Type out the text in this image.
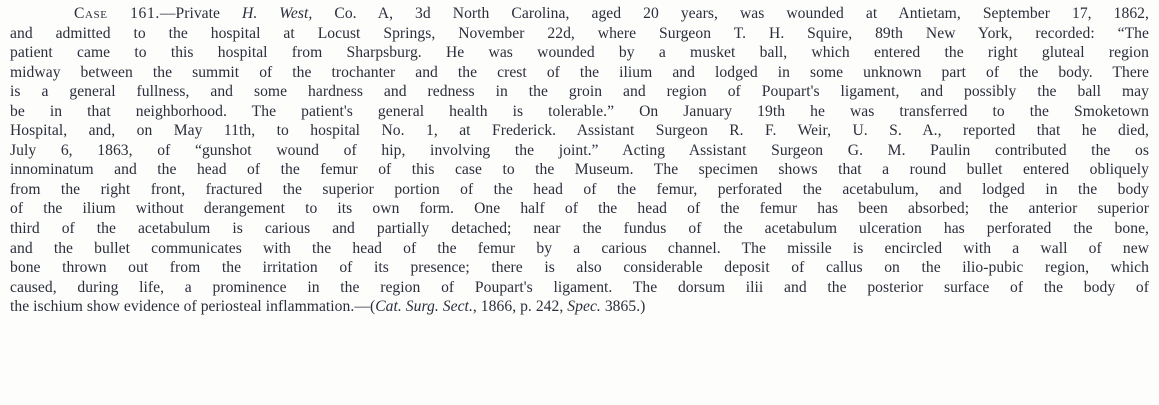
Case 161.—Private H. West, Co. A, 3d North Carolina, aged 20 years, was wounded at Antietam, September 17, 1862,
and admitted to the hospital at Locust Springs, November 22d, where Surgeon T. H. Squire, 89th New York, recorded: “The
patient came to this hospital from Sharpsburg. He was wounded by a musket ball, which entered the right gluteal region
midway between the summit of the trochanter and the crest of the ilium and lodged in some unknown part of the body. There
is a general fullness, and some hardness and redness in the groin and region of Poupart's ligament, and possibly the ball may
be in that neighborhood. The patient's general health is tolerable.” On January 19th he was transferred to the Smoketown
Hospital, and, on May 11th, to hospital No. 1, at Frederick. Assistant Surgeon R. F. Weir, U. S. A., reported that he died,
July 6, 1863, of “gunshot wound of hip, involving the joint.” Acting Assistant Surgeon G. M. Paulin contributed the os
innominatum and the head of the femur of this case to the Museum. The specimen shows that a round bullet entered obliquely
from the right front, fractured the superior portion of the head of the femur, perforated the acetabulum, and lodged in the body
of the ilium without derangement to its own form. One half of the head of the femur has been absorbed; the anterior superior
third of the acetabulum is carious and partially detached; near the fundus of the acetabulum ulceration has perforated the bone,
and the bullet communicates with the head of the femur by a carious channel. The missile is encircled with a wall of new
bone thrown out from the irritation of its presence; there is also considerable deposit of callus on the ilio-pubic region, which
caused, during life, a prominence in the region of Poupart's ligament. The dorsum ilii and the posterior surface of the body of
the ischium show evidence of periosteal inflammation.—(Cat. Surg. Sect., 1866, p. 242, Spec. 3865.)
